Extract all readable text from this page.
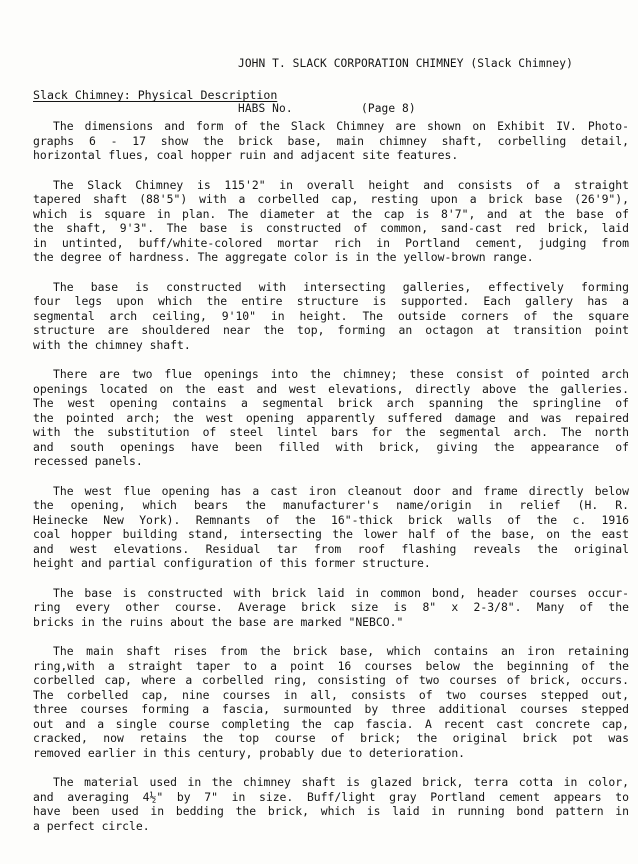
JOHN T. SLACK CORPORATION CHIMNEY (Slack Chimney)

HABS No.          (Page 8)

Slack Chimney: Physical Description
The dimensions and form of the Slack Chimney are shown on Exhibit IV. Photo-
graphs 6 - 17 show the brick base, main chimney shaft, corbelling detail,
horizontal flues, coal hopper ruin and adjacent site features.
The Slack Chimney is 115'2" in overall height and consists of a straight
tapered shaft (88'5") with a corbelled cap, resting upon a brick base (26'9"),
which is square in plan. The diameter at the cap is 8'7", and at the base of
the shaft, 9'3". The base is constructed of common, sand-cast red brick, laid
in untinted, buff/white-colored mortar rich in Portland cement, judging from
the degree of hardness. The aggregate color is in the yellow-brown range.
The base is constructed with intersecting galleries, effectively forming
four legs upon which the entire structure is supported. Each gallery has a
segmental arch ceiling, 9'10" in height. The outside corners of the square
structure are shouldered near the top, forming an octagon at transition point
with the chimney shaft.
There are two flue openings into the chimney; these consist of pointed arch
openings located on the east and west elevations, directly above the galleries.
The west opening contains a segmental brick arch spanning the springline of
the pointed arch; the west opening apparently suffered damage and was repaired
with the substitution of steel lintel bars for the segmental arch. The north
and south openings have been filled with brick, giving the appearance of
recessed panels.
The west flue opening has a cast iron cleanout door and frame directly below
the opening, which bears the manufacturer's name/origin in relief (H. R.
Heinecke New York). Remnants of the 16"-thick brick walls of the c. 1916
coal hopper building stand, intersecting the lower half of the base, on the east
and west elevations. Residual tar from roof flashing reveals the original
height and partial configuration of this former structure.
The base is constructed with brick laid in common bond, header courses occur-
ring every other course. Average brick size is 8" x 2-3/8". Many of the
bricks in the ruins about the base are marked "NEBCO."
The main shaft rises from the brick base, which contains an iron retaining
ring,with a straight taper to a point 16 courses below the beginning of the
corbelled cap, where a corbelled ring, consisting of two courses of brick, occurs.
The corbelled cap, nine courses in all, consists of two courses stepped out,
three courses forming a fascia, surmounted by three additional courses stepped
out and a single course completing the cap fascia. A recent cast concrete cap,
cracked, now retains the top course of brick; the original brick pot was
removed earlier in this century, probably due to deterioration.
The material used in the chimney shaft is glazed brick, terra cotta in color,
and averaging 4½" by 7" in size. Buff/light gray Portland cement appears to
have been used in bedding the brick, which is laid in running bond pattern in
a perfect circle.
